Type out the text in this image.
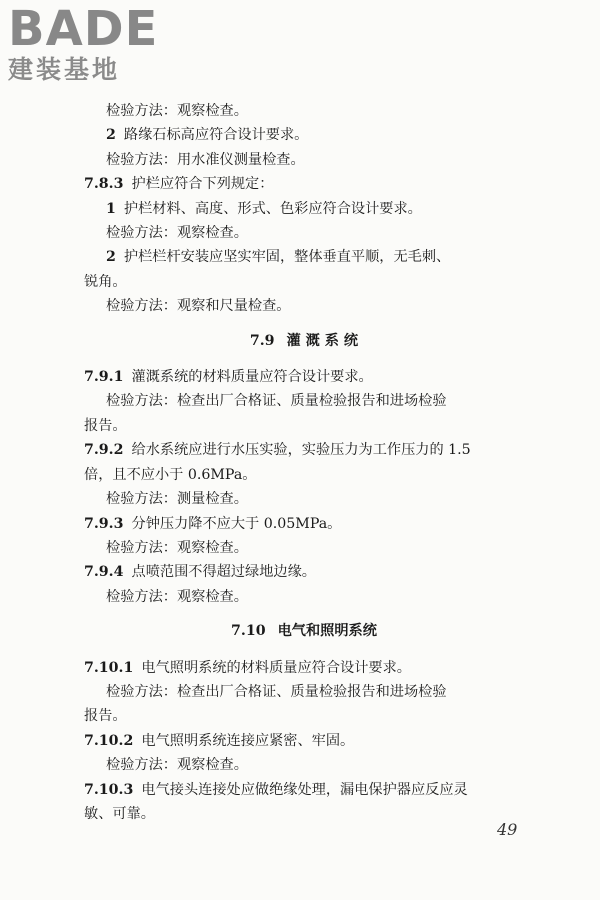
BADE
建装基地
检验方法：观察检查。
2 路缘石标高应符合设计要求。
检验方法：用水准仪测量检查。
7.8.3 护栏应符合下列规定：
1 护栏材料、高度、形式、色彩应符合设计要求。
检验方法：观察检查。
2 护栏栏杆安装应坚实牢固，整体垂直平顺，无毛刺、
锐角。
检验方法：观察和尺量检查。
7.9 灌 溉 系 统
7.9.1 灌溉系统的材料质量应符合设计要求。
检验方法：检查出厂合格证、质量检验报告和进场检验
报告。
7.9.2 给水系统应进行水压实验，实验压力为工作压力的 1.5
倍，且不应小于 0.6MPa。
检验方法：测量检查。
7.9.3 分钟压力降不应大于 0.05MPa。
检验方法：观察检查。
7.9.4 点喷范围不得超过绿地边缘。
检验方法：观察检查。
7.10 电气和照明系统
7.10.1 电气照明系统的材料质量应符合设计要求。
检验方法：检查出厂合格证、质量检验报告和进场检验
报告。
7.10.2 电气照明系统连接应紧密、牢固。
检验方法：观察检查。
7.10.3 电气接头连接处应做绝缘处理，漏电保护器应反应灵
敏、可靠。
49
